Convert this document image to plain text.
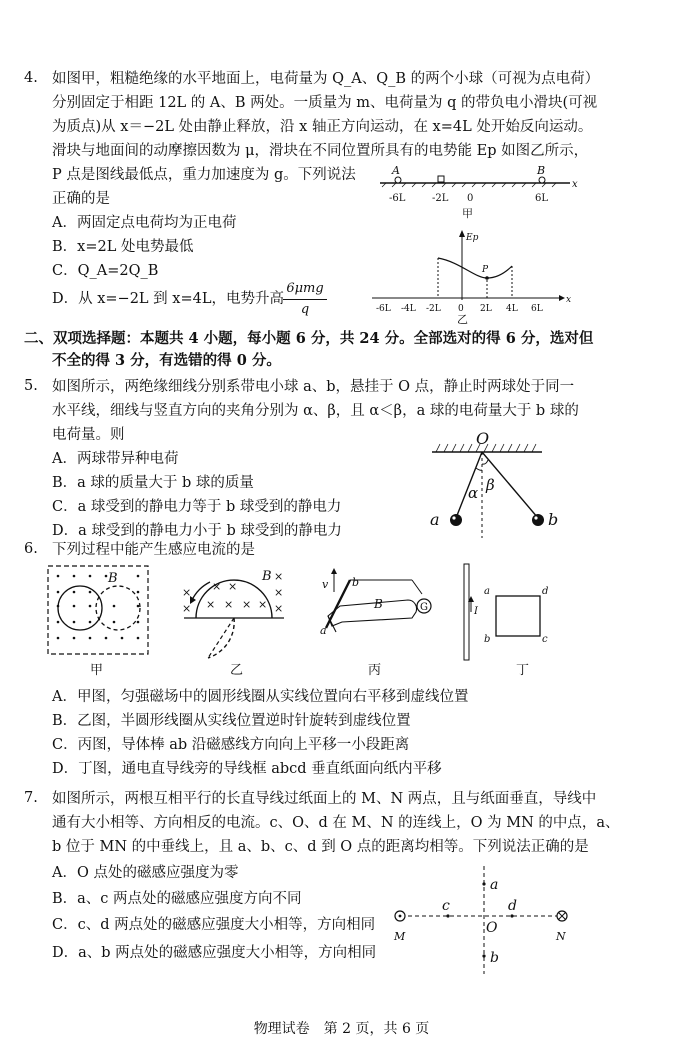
4. 如图甲，粗糙绝缘的水平地面上，电荷量为 Q_A、Q_B 的两个小球（可视为点电荷）
分别固定于相距 12L 的 A、B 两处。一质量为 m、电荷量为 q 的带负电小滑块(可视
为质点)从 x＝−2L 处由静止释放，沿 x 轴正方向运动，在 x=4L 处开始反向运动。
滑块与地面间的动摩擦因数为 μ，滑块在不同位置所具有的电势能 Ep 如图乙所示，
P 点是图线最低点，重力加速度为 g。下列说法
正确的是
A．两固定点电荷均为正电荷
B．x=2L 处电势最低
C．Q_A=2Q_B
D．从 x=−2L 到 x=4L，电势升高
6μmg
q
A	B
x
-6L	-2L 0	6L
甲
Ep
P
x
-6L -4L -2L 0 2L 4L 6L
乙
二、双项选择题：本题共 4 小题，每小题 6 分，共 24 分。全部选对的得 6 分，选对但
不全的得 3 分，有选错的得 0 分。
5. 如图所示，两绝缘细线分别系带电小球 a、b，悬挂于 O 点，静止时两球处于同一
水平线，细线与竖直方向的夹角分别为 α、β，且 α＜β，a 球的电荷量大于 b 球的
电荷量。则
A．两球带异种电荷
B．a 球的质量大于 b 球的质量
C．a 球受到的静电力等于 b 球受到的静电力
D．a 球受到的静电力小于 b 球受到的静电力
O
α β
a	b
6. 下列过程中能产生感应电流的是
B
甲
×
×
× ×
× × × ×
×
×
×
B
乙
v b
a
B	G
丙
I
a
b	c
d
丁
A．甲图，匀强磁场中的圆形线圈从实线位置向右平移到虚线位置
B．乙图，半圆形线圈从实线位置逆时针旋转到虚线位置
C．丙图，导体棒 ab 沿磁感线方向向上平移一小段距离
D．丁图，通电直导线旁的导线框 abcd 垂直纸面向纸内平移
7. 如图所示，两根互相平行的长直导线过纸面上的 M、N 两点，且与纸面垂直，导线中
通有大小相等、方向相反的电流。c、O、d 在 M、N 的连线上，O 为 MN 的中点，a、
b 位于 MN 的中垂线上，且 a、b、c、d 到 O 点的距离均相等。下列说法正确的是
A．O 点处的磁感应强度为零
B．a、c 两点处的磁感应强度方向不同
C．c、d 两点处的磁感应强度大小相等，方向相同
D．a、b 两点处的磁感应强度大小相等，方向相同
a
b
c	d
O
M	N
物理试卷　第 2 页，共 6 页
